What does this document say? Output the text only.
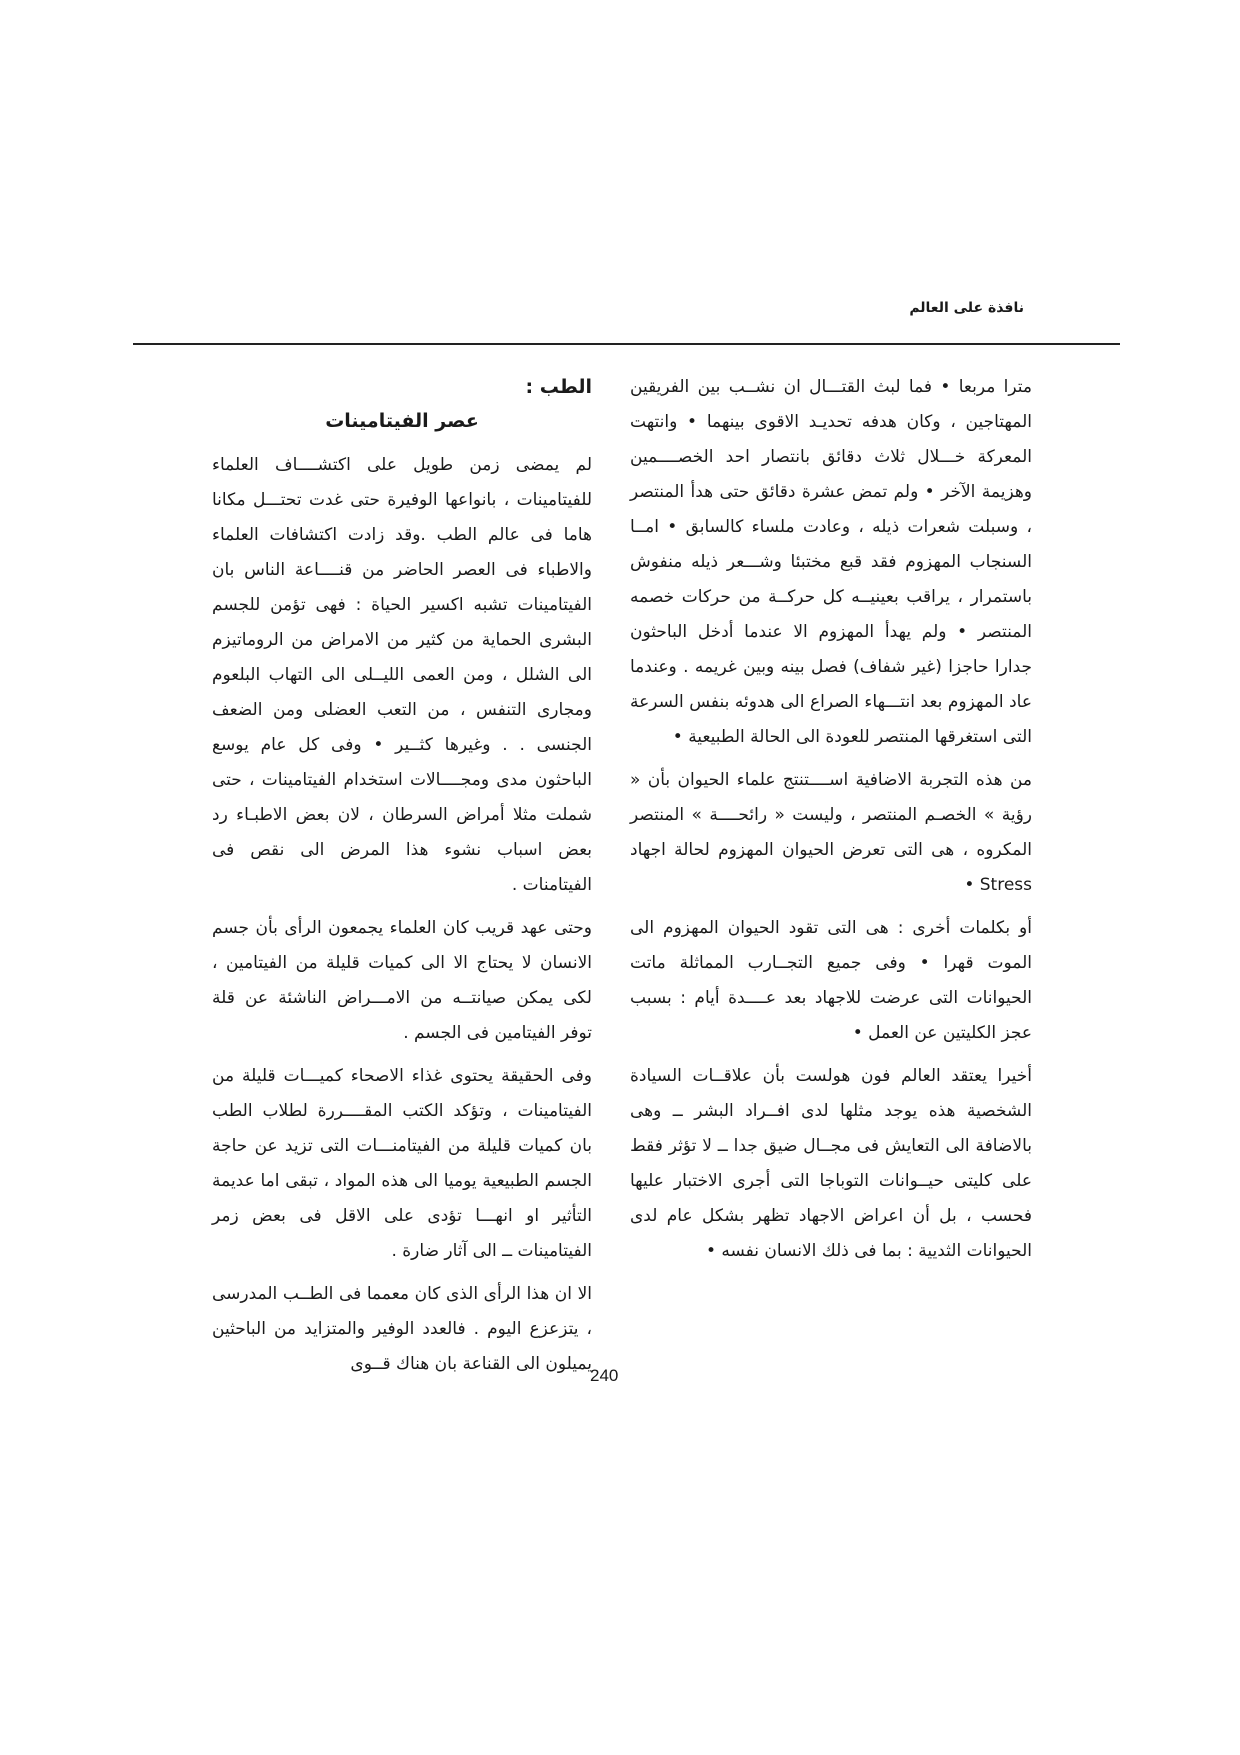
نافذة على العالم

مترا مربعا • فما لبث القتـــال ان نشــب بين الفريقين المهتاجين ، وكان هدفه تحديـد الاقوى بينهما • وانتهت المعركة خـــلال ثلاث دقائق بانتصار احد الخصــــمين وهزيمة الآخر • ولم تمض عشرة دقائق حتى هدأ المنتصر ، وسبلت شعرات ذيله ، وعادت ملساء كالسابق • امــا السنجاب المهزوم فقد قبع مختبئا وشـــعر ذيله منفوش باستمرار ، يراقب بعينيــه كل حركــة من حركات خصمه المنتصر • ولم يهدأ المهزوم الا عندما أدخل الباحثون جدارا حاجزا (غير شفاف) فصل بينه وبين غريمه . وعندما عاد المهزوم بعد انتـــهاء الصراع الى هدوئه بنفس السرعة التى استغرقها المنتصر للعودة الى الحالة الطبيعية •

من هذه التجربة الاضافية اســــتنتج علماء الحيوان بأن « رؤية » الخصـم المنتصر ، وليست « رائحــــة » المنتصر المكروه ، هى التى تعرض الحيوان المهزوم لحالة اجهاد Stress •

أو بكلمات أخرى : هى التى تقود الحيوان المهزوم الى الموت قهرا • وفى جميع التجــارب المماثلة ماتت الحيوانات التى عرضت للاجهاد بعد عــــدة أيام : بسبب عجز الكليتين عن العمل •

أخيرا يعتقد العالم فون هولست بأن علاقــات السيادة الشخصية هذه يوجد مثلها لدى افــراد البشر ــ وهى بالاضافة الى التعايش فى مجــال ضيق جدا ــ لا تؤثر فقط على كليتى حيــوانات التوباجا التى أجرى الاختبار عليها فحسب ، بل أن اعراض الاجهاد تظهر بشكل عام لدى الحيوانات الثديية : بما فى ذلك الانسان نفسه •

الطب :
عصر الفيتامينات

لم يمضى زمن طويل على اكتشــــاف العلماء للفيتامينات ، بانواعها الوفيرة حتى غدت تحتـــل مكانا هاما فى عالم الطب .وقد زادت اكتشافات العلماء والاطباء فى العصر الحاضر من قنــــاعة الناس بان الفيتامينات تشبه اكسير الحياة : فهى تؤمن للجسم البشرى الحماية من كثير من الامراض من الروماتيزم الى الشلل ، ومن العمى الليــلى الى التهاب البلعوم ومجارى التنفس ، من التعب العضلى ومن الضعف الجنسى . . وغيرها كثــير • وفى كل عام يوسع الباحثون مدى ومجــــالات استخدام الفيتامينات ، حتى شملت مثلا أمراض السرطان ، لان بعض الاطبـاء رد بعض اسباب نشوء هذا المرض الى نقص فى الفيتامنات .

وحتى عهد قريب كان العلماء يجمعون الرأى بأن جسم الانسان لا يحتاج الا الى كميات قليلة من الفيتامين ، لكى يمكن صيانتــه من الامـــراض الناشئة عن قلة توفر الفيتامين فى الجسم .

وفى الحقيقة يحتوى غذاء الاصحاء كميـــات قليلة من الفيتامينات ، وتؤكد الكتب المقــــررة لطلاب الطب بان كميات قليلة من الفيتامنـــات التى تزيد عن حاجة الجسم الطبيعية يوميا الى هذه المواد ، تبقى اما عديمة التأثير او انهـــا تؤدى على الاقل فى بعض زمر الفيتامينات ــ الى آثار ضارة .

الا ان هذا الرأى الذى كان معمما فى الطــب المدرسى ، يتزعزع اليوم . فالعدد الوفير والمتزايد من الباحثين يميلون الى القناعة بان هناك قــوى

240
